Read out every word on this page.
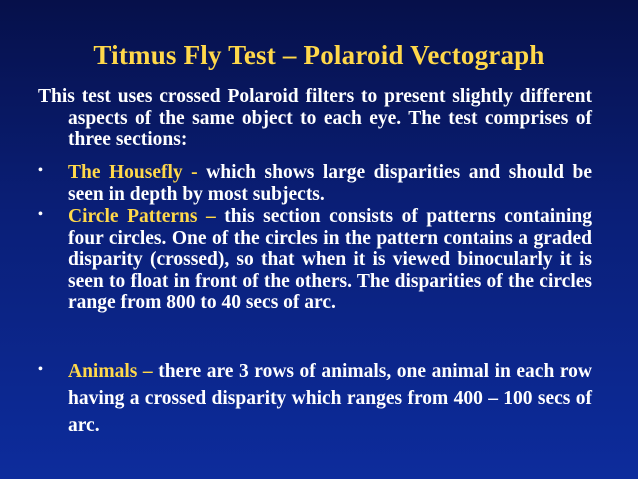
Titmus Fly Test – Polaroid Vectograph
This test uses crossed Polaroid filters to present slightly different aspects of the same object to each eye. The test comprises of three sections:
• The Housefly - which shows large disparities and should be seen in depth by most subjects.
• Circle Patterns – this section consists of patterns containing four circles. One of the circles in the pattern contains a graded disparity (crossed), so that when it is viewed binocularly it is seen to float in front of the others. The disparities of the circles range from 800 to 40 secs of arc.
• Animals – there are 3 rows of animals, one animal in each row having a crossed disparity which ranges from 400 – 100 secs of arc.
